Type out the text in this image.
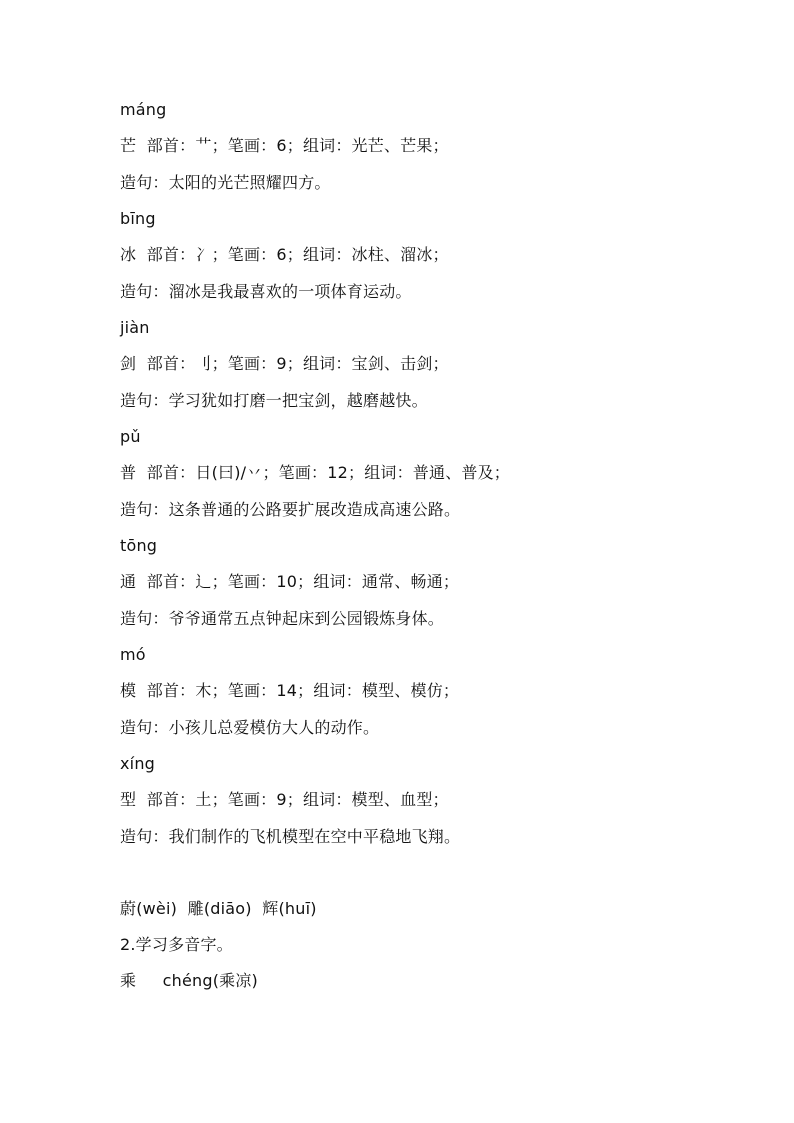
máng
芒  部首：艹；笔画：6；组词：光芒、芒果；
造句：太阳的光芒照耀四方。
bīng
冰  部首：冫；笔画：6；组词：冰柱、溜冰；
造句：溜冰是我最喜欢的一项体育运动。
jiàn
剑  部首：刂；笔画：9；组词：宝剑、击剑；
造句：学习犹如打磨一把宝剑，越磨越快。
pǔ
普  部首：日(曰)/丷；笔画：12；组词：普通、普及；
造句：这条普通的公路要扩展改造成高速公路。
tōng
通  部首：辶；笔画：10；组词：通常、畅通；
造句：爷爷通常五点钟起床到公园锻炼身体。
mó
模  部首：木；笔画：14；组词：模型、模仿；
造句：小孩儿总爱模仿大人的动作。
xíng
型  部首：土；笔画：9；组词：模型、血型；
造句：我们制作的飞机模型在空中平稳地飞翔。
蔚(wèi)  雕(diāo)  辉(huī)
2.学习多音字。
乘     chéng(乘凉)
